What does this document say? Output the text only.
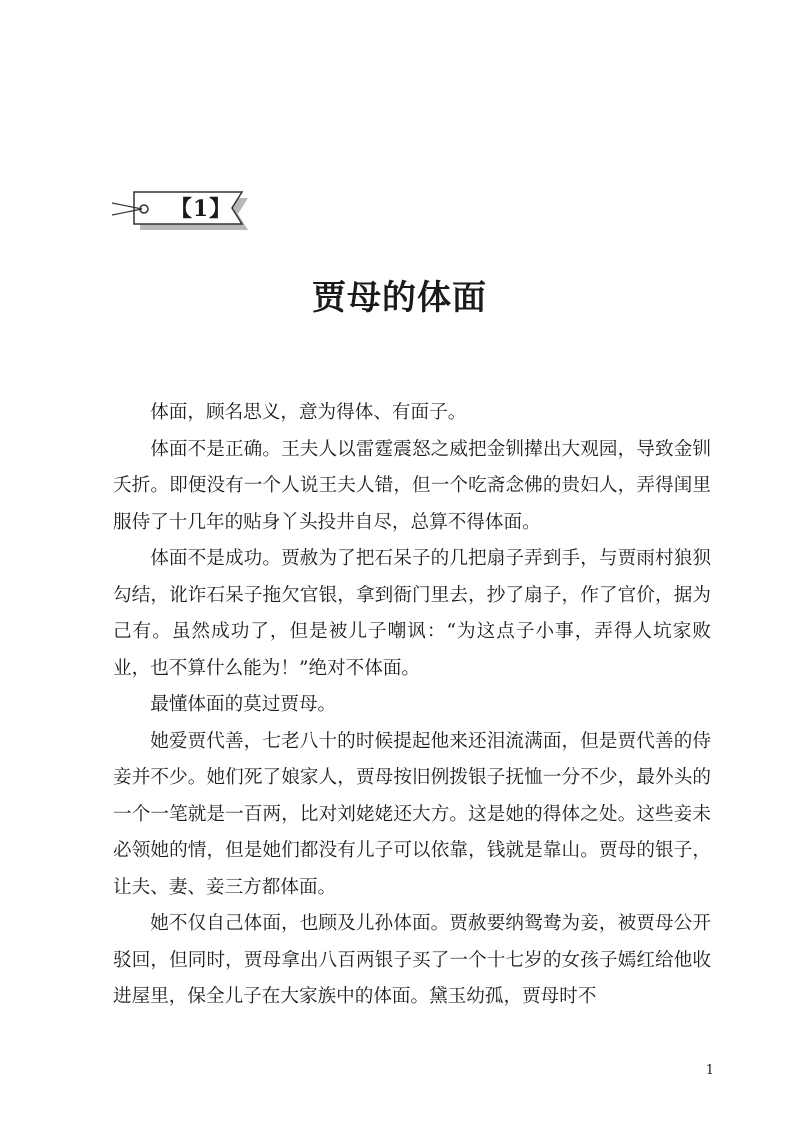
【1】
贾母的体面

体面，顾名思义，意为得体、有面子。

体面不是正确。王夫人以雷霆震怒之威把金钏撵出大观园，导致金钏夭折。即便没有一个人说王夫人错，但一个吃斋念佛的贵妇人，弄得闺里服侍了十几年的贴身丫头投井自尽，总算不得体面。

体面不是成功。贾赦为了把石呆子的几把扇子弄到手，与贾雨村狼狈勾结，讹诈石呆子拖欠官银，拿到衙门里去，抄了扇子，作了官价，据为己有。虽然成功了，但是被儿子嘲讽：“为这点子小事，弄得人坑家败业，也不算什么能为！”绝对不体面。

最懂体面的莫过贾母。

她爱贾代善，七老八十的时候提起他来还泪流满面，但是贾代善的侍妾并不少。她们死了娘家人，贾母按旧例拨银子抚恤一分不少，最外头的一个一笔就是一百两，比对刘姥姥还大方。这是她的得体之处。这些妾未必领她的情，但是她们都没有儿子可以依靠，钱就是靠山。贾母的银子，让夫、妻、妾三方都体面。

她不仅自己体面，也顾及儿孙体面。贾赦要纳鸳鸯为妾，被贾母公开驳回，但同时，贾母拿出八百两银子买了一个十七岁的女孩子嫣红给他收进屋里，保全儿子在大家族中的体面。黛玉幼孤，贾母时不

1
